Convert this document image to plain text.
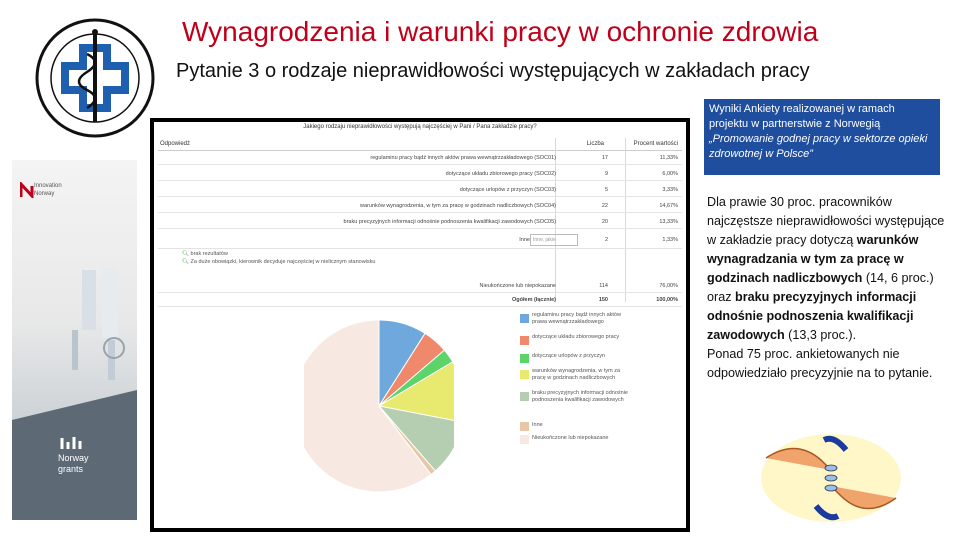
Wynagrodzenia i warunki pracy w ochronie zdrowia
Pytanie 3 o rodzaje nieprawidłowości występujących w zakładach pracy
Innovation
Norway
Norway
grants
Jakiego rodzaju nieprawidłowości występują najczęściej w Pani / Pana zakładzie pracy?
Odpowiedź	Liczba	Procent wartości
regulaminu pracy bądź innych aktów prawa wewnątrzzakładowego (SOC01)	17	11,33%
dotyczące układu zbiorowego pracy (SOC02)	9	6,00%
dotyczące urlopów z przyczyn (SOC03)	5	3,33%
warunków wynagrodzenia, w tym za pracę w godzinach nadliczbowych (SOC04)	22	14,67%
braku precyzyjnych informacji odnośnie podnoszenia kwalifikacji zawodowych (SOC05)	20	13,33%
Inne Inne, jakie	2	1,33%
🔍︎ brak rezultatów
🔍︎ Za duże obowiązki, kierownik decyduje najczęściej w nielicznym stanowisku
Nieukończone lub niepokazane	114	76,00%
Ogółem (łącznie)	150	100,00%
regulaminu pracy bądź innych aktów prawa wewnątrzzakładowego
dotyczące układu zbiorowego pracy
dotyczące urlopów z przyczyn
warunków wynagrodzenia, w tym za pracę w godzinach nadliczbowych
braku precyzyjnych informacji odnośnie podnoszenia kwalifikacji zawodowych
Inne
Nieukończone lub niepokazane
Wyniki Ankiety realizowanej w ramach projektu w partnerstwie z Norwegią
„Promowanie godnej pracy w sektorze opieki zdrowotnej w Polsce”
Dla prawie 30 proc. pracowników najczęstsze nieprawidłowości występujące w zakładzie pracy dotyczą warunków wynagradzania w tym za pracę w godzinach nadliczbowych (14, 6 proc.) oraz braku precyzyjnych informacji odnośnie podnoszenia kwalifikacji zawodowych (13,3 proc.).
Ponad 75 proc. ankietowanych nie odpowiedziało precyzyjnie na to pytanie.
